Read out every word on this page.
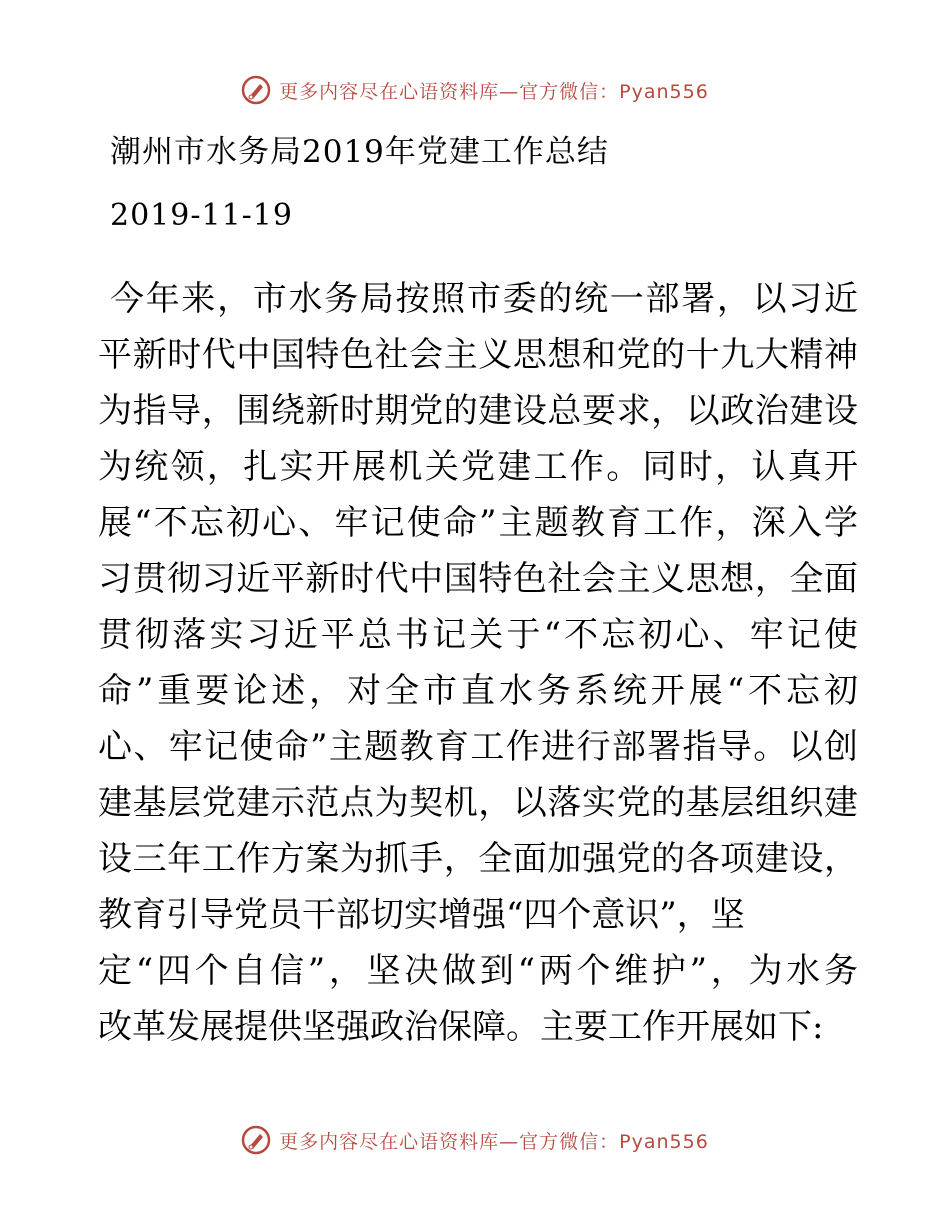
更多内容尽在心语资料库—官方微信：Pyan556
潮州市水务局2019年党建工作总结
2019-11-19
今年来，市水务局按照市委的统一部署，以习近
平新时代中国特色社会主义思想和党的十九大精神
为指导，围绕新时期党的建设总要求，以政治建设
为统领，扎实开展机关党建工作。同时，认真开
展“不忘初心、牢记使命”主题教育工作，深入学
习贯彻习近平新时代中国特色社会主义思想，全面
贯彻落实习近平总书记关于“不忘初心、牢记使
命”重要论述，对全市直水务系统开展“不忘初
心、牢记使命”主题教育工作进行部署指导。以创
建基层党建示范点为契机，以落实党的基层组织建
设三年工作方案为抓手，全面加强党的各项建设，
教育引导党员干部切实增强“四个意识”，坚
定“四个自信”，坚决做到“两个维护”，为水务
改革发展提供坚强政治保障。主要工作开展如下:
更多内容尽在心语资料库—官方微信：Pyan556
